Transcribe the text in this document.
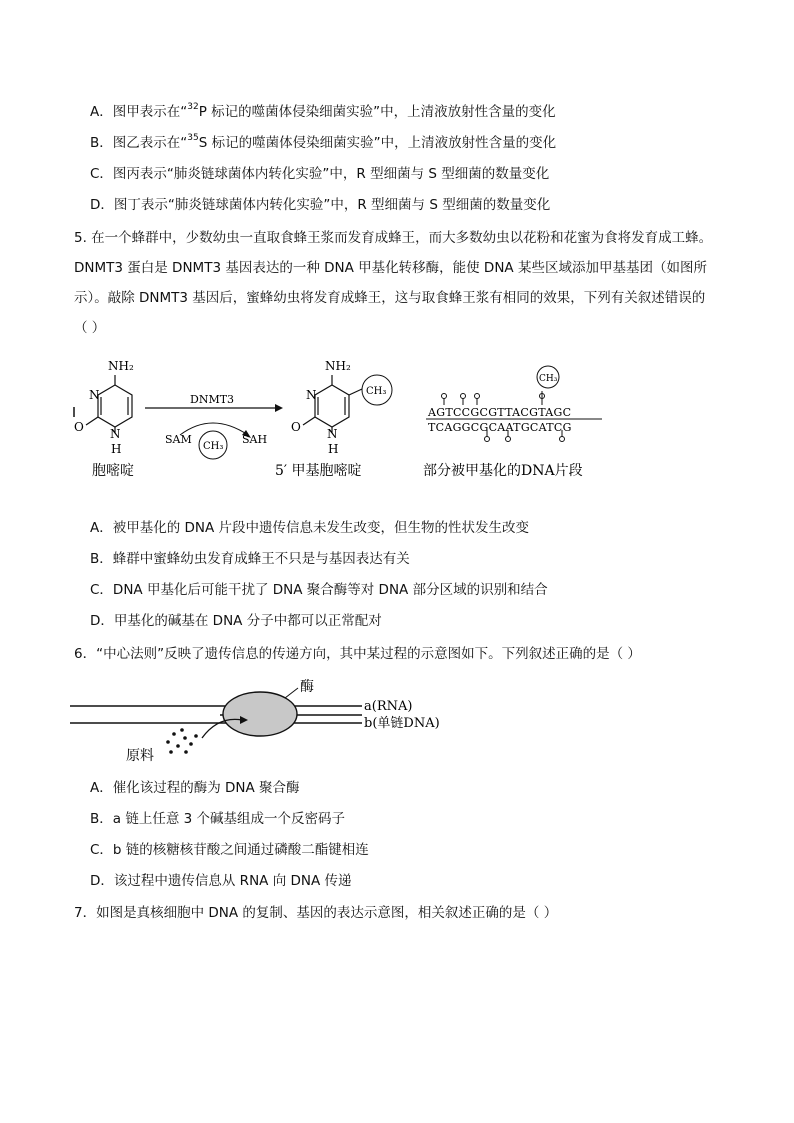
A．图甲表示在“$^{32}$P 标记的噬菌体侵染细菌实验”中，上清液放射性含量的变化
B．图乙表示在“$^{35}$S 标记的噬菌体侵染细菌实验”中，上清液放射性含量的变化
C．图丙表示“肺炎链球菌体内转化实验”中，R 型细菌与 S 型细菌的数量变化
D．图丁表示“肺炎链球菌体内转化实验”中，R 型细菌与 S 型细菌的数量变化
5. 在一个蜂群中，少数幼虫一直取食蜂王浆而发育成蜂王，而大多数幼虫以花粉和花蜜为食将发育成工蜂。
DNMT3 蛋白是 DNMT3 基因表达的一种 DNA 甲基化转移酶，能使 DNA 某些区域添加甲基基团（如图所
示）。敲除 DNMT3 基因后，蜜蜂幼虫将发育成蜂王，这与取食蜂王浆有相同的效果，下列有关叙述错误的
（ ）
NH₂
N
O N
H
胞嘧啶
DNMT3
SAM	SAH
CH₃
NH₂
N
O N
H
CH₃
5′ 甲基胞嘧啶
CH₃
AGTCCGCGTTACGTAGC
TCAGGCGCAATGCATCG
部分被甲基化的DNA片段
A．被甲基化的 DNA 片段中遗传信息未发生改变，但生物的性状发生改变
B．蜂群中蜜蜂幼虫发育成蜂王不只是与基因表达有关
C．DNA 甲基化后可能干扰了 DNA 聚合酶等对 DNA 部分区域的识别和结合
D．甲基化的碱基在 DNA 分子中都可以正常配对
6．“中心法则”反映了遗传信息的传递方向，其中某过程的示意图如下。下列叙述正确的是（ ）
酶
a(RNA)
b(单链DNA)
原料
A．催化该过程的酶为 DNA 聚合酶
B．a 链上任意 3 个碱基组成一个反密码子
C．b 链的核糖核苷酸之间通过磷酸二酯键相连
D．该过程中遗传信息从 RNA 向 DNA 传递
7．如图是真核细胞中 DNA 的复制、基因的表达示意图，相关叙述正确的是（ ）
